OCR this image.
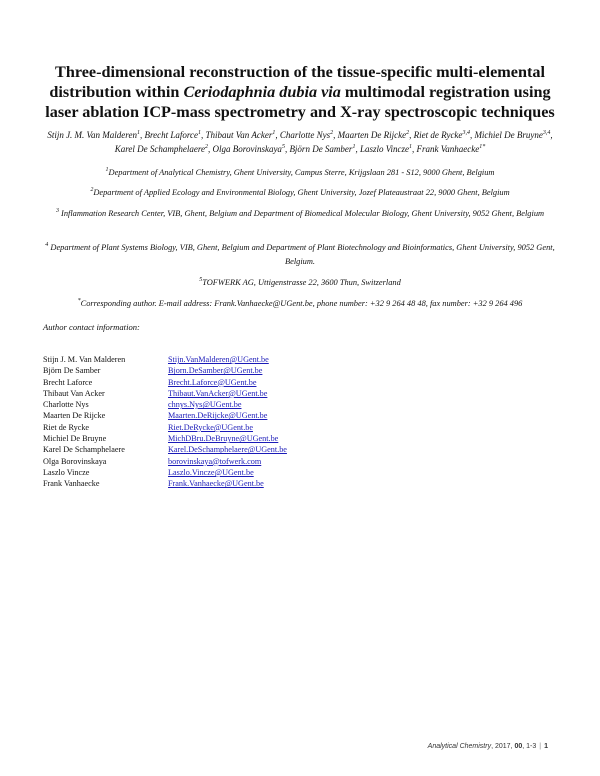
Three-dimensional reconstruction of the tissue-specific multi-elemental
distribution within Ceriodaphnia dubia via multimodal registration using
laser ablation ICP-mass spectrometry and X-ray spectroscopic techniques

Stijn J. M. Van Malderen$^1$, Brecht Laforce$^1$, Thibaut Van Acker$^1$, Charlotte Nys$^2$, Maarten De Rijcke$^2$, Riet de Rycke$^{3,4}$, Michiel De Bruyne$^{3,4}$,
Karel De Schamphelaere$^2$, Olga Borovinskaya$^5$, Björn De Samber$^1$, Laszlo Vincze$^1$, Frank Vanhaecke$^{1*}$

$^1$Department of Analytical Chemistry, Ghent University, Campus Sterre, Krijgslaan 281 - S12, 9000 Ghent, Belgium

$^2$Department of Applied Ecology and Environmental Biology, Ghent University, Jozef Plateaustraat 22, 9000 Ghent, Belgium

$^3$ Inflammation Research Center, VIB, Ghent, Belgium and Department of Biomedical Molecular Biology, Ghent University, 9052 Ghent, Belgium

$^4$ Department of Plant Systems Biology, VIB, Ghent, Belgium and Department of Plant Biotechnology and Bioinformatics, Ghent University, 9052 Gent, Belgium.

$^5$TOFWERK AG, Uttigenstrasse 22, 3600 Thun, Switzerland

*Corresponding author. E-mail address: Frank.Vanhaecke@UGent.be, phone number: +32 9 264 48 48, fax number: +32 9 264 496

Author contact information:

Stijn J. M. Van Malderen	Stijn.VanMalderen@UGent.be
Björn De Samber	Bjorn.DeSamber@UGent.be
Brecht Laforce	Brecht.Laforce@UGent.be
Thibaut Van Acker	Thibaut.VanAcker@UGent.be
Charlotte Nys	chnys.Nys@UGent.be
Maarten De Rijcke	Maarten.DeRijcke@UGent.be
Riet de Rycke	Riet.DeRycke@UGent.be
Michiel De Bruyne	MichDBru.DeBruyne@UGent.be
Karel De Schamphelaere	Karel.DeSchamphelaere@UGent.be
Olga Borovinskaya	borovinskaya@tofwerk.com
Laszlo Vincze	Laszlo.Vincze@UGent.be
Frank Vanhaecke	Frank.Vanhaecke@UGent.be
Analytical Chemistry, 2017, 00, 1-3 | 1
